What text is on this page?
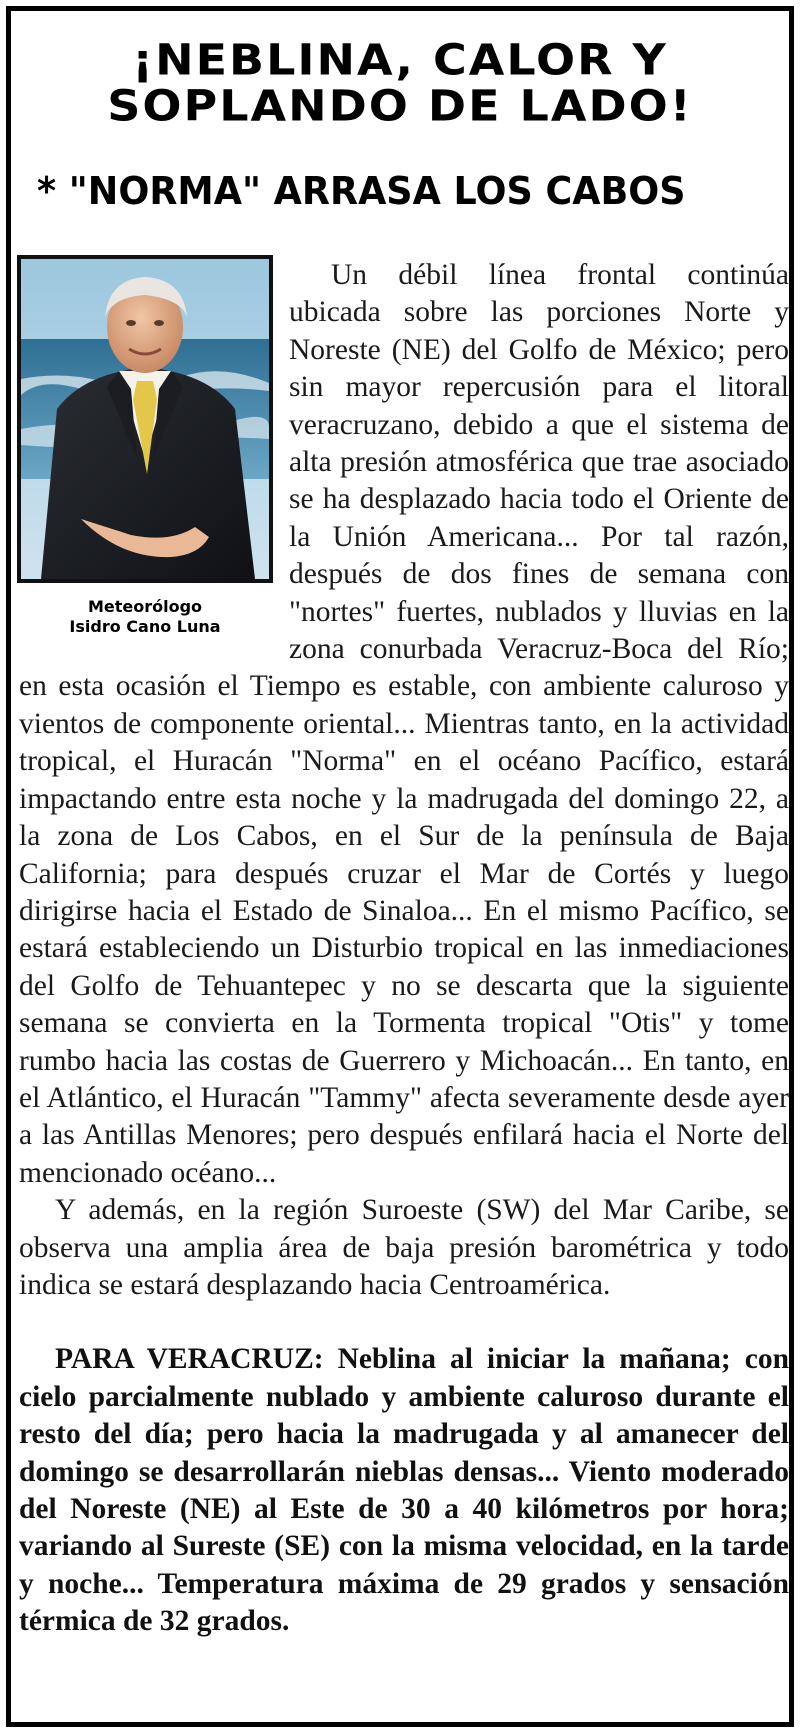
¡NEBLINA, CALOR Y
SOPLANDO DE LADO!
* "NORMA" ARRASA LOS CABOS
Meteorólogo
Isidro Cano Luna

Un débil línea frontal continúa ubicada sobre las porciones Norte y Noreste (NE) del Golfo de México; pero sin mayor repercusión para el litoral veracruzano, debido a que el sistema de alta presión atmosférica que trae asociado se ha desplazado hacia todo el Oriente de la Unión Americana... Por tal razón, después de dos fines de semana con "nortes" fuertes, nublados y lluvias en la zona conurbada Veracruz-Boca del Río; en esta ocasión el Tiempo es estable, con ambiente caluroso y vientos de componente oriental... Mientras tanto, en la actividad tropical, el Huracán "Norma" en el océano Pacífico, estará impactando entre esta noche y la madrugada del domingo 22, a la zona de Los Cabos, en el Sur de la península de Baja California; para después cruzar el Mar de Cortés y luego dirigirse hacia el Estado de Sinaloa... En el mismo Pacífico, se estará estableciendo un Disturbio tropical en las inmediaciones del Golfo de Tehuantepec y no se descarta que la siguiente semana se convierta en la Tormenta tropical "Otis" y tome rumbo hacia las costas de Guerrero y Michoacán... En tanto, en el Atlántico, el Huracán "Tammy" afecta severamente desde ayer a las Antillas Menores; pero después enfilará hacia el Norte del mencionado océano...

Y además, en la región Suroeste (SW) del Mar Caribe, se observa una amplia área de baja presión barométrica y todo indica se estará desplazando hacia Centroamérica.

PARA VERACRUZ: Neblina al iniciar la mañana; con cielo parcialmente nublado y ambiente caluroso durante el resto del día; pero hacia la madrugada y al amanecer del domingo se desarrollarán nieblas densas... Viento moderado del Noreste (NE) al Este de 30 a 40 kilómetros por hora; variando al Sureste (SE) con la misma velocidad, en la tarde y noche... Temperatura máxima de 29 grados y sensación térmica de 32 grados.
